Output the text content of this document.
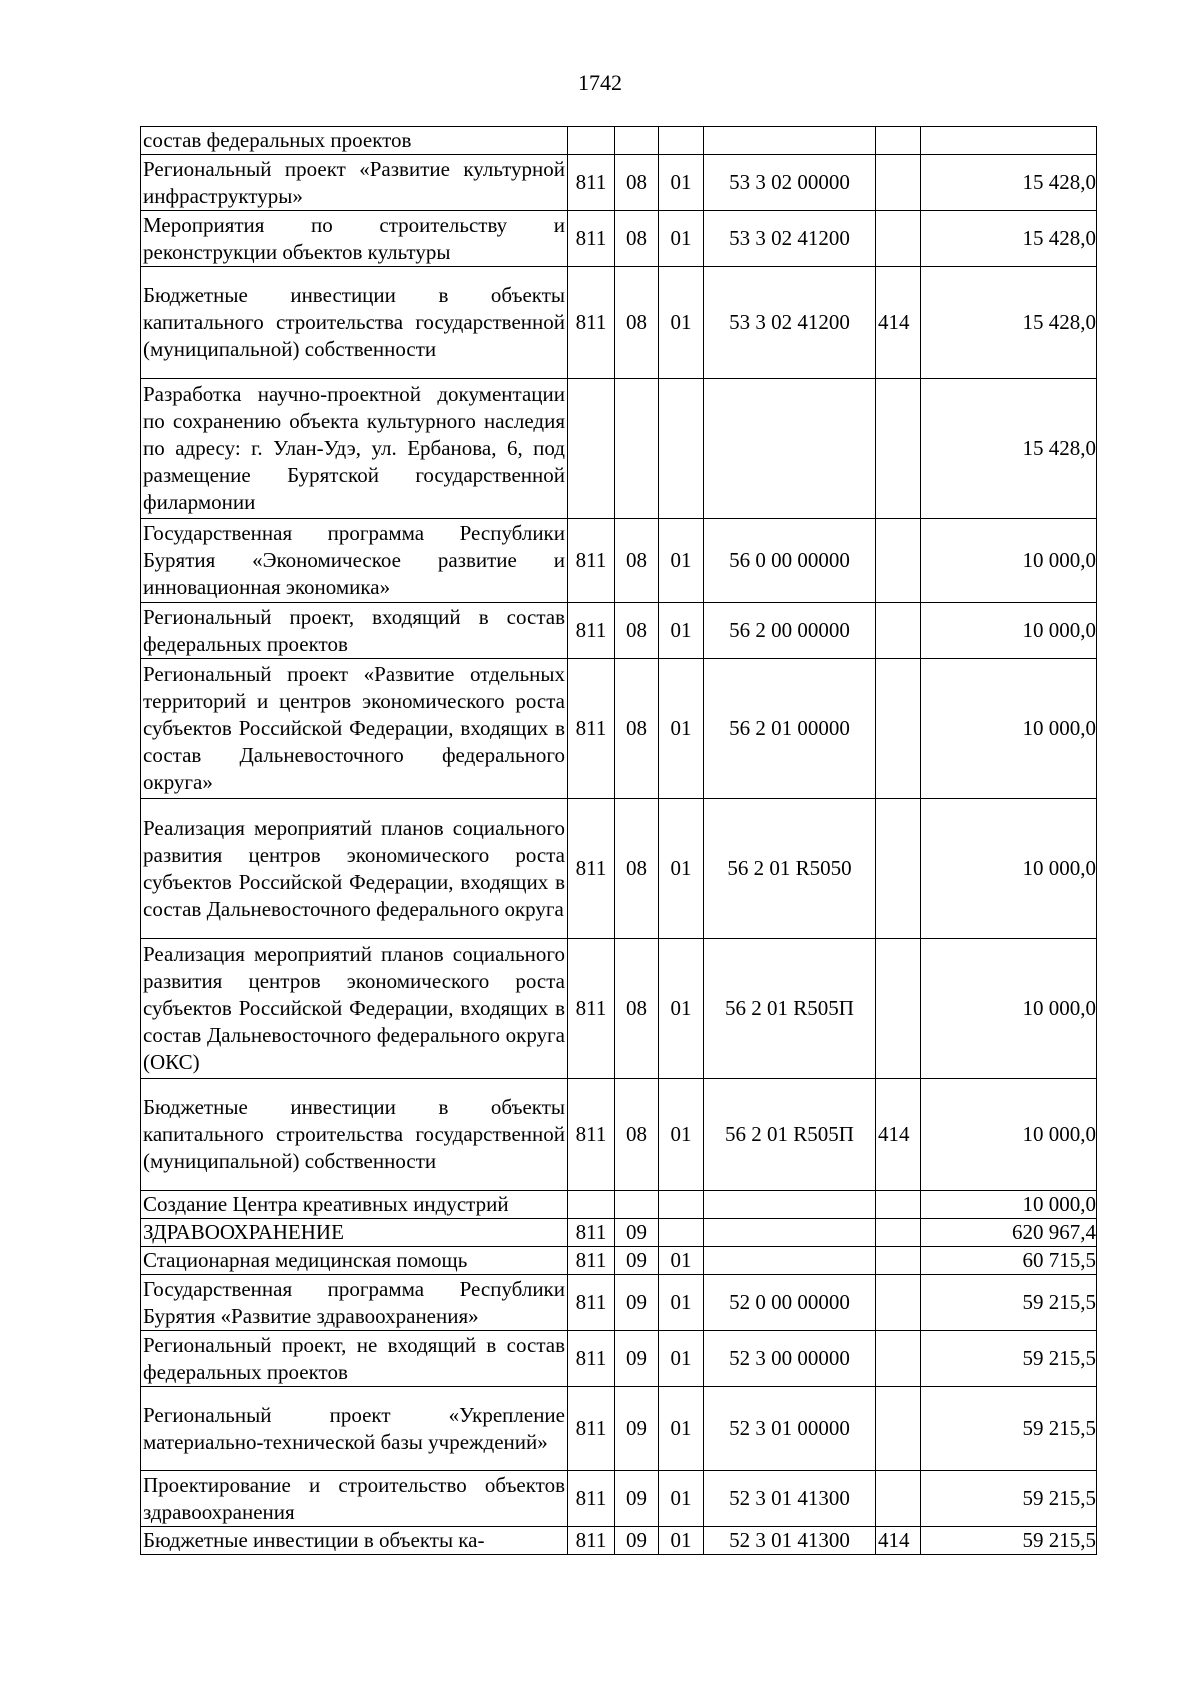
1742
состав федеральных проектов						
Региональный проект «Развитие культурной инфраструктуры»	811	08	01	53 3 02 00000		15 428,0
Мероприятия по строительству и реконструкции объектов культуры	811	08	01	53 3 02 41200		15 428,0
Бюджетные инвестиции в объекты капитального строительства государственной (муниципальной) собственности	811	08	01	53 3 02 41200	414	15 428,0
Разработка научно-проектной документации по сохранению объекта культурного наследия по адресу: г. Улан-Удэ, ул. Ербанова, 6, под размещение Бурятской государственной филармонии						15 428,0
Государственная программа Республики Бурятия «Экономическое развитие и инновационная экономика»	811	08	01	56 0 00 00000		10 000,0
Региональный проект, входящий в состав федеральных проектов	811	08	01	56 2 00 00000		10 000,0
Региональный проект «Развитие отдельных территорий и центров экономического роста субъектов Российской Федерации, входящих в состав Дальневосточного федерального округа»	811	08	01	56 2 01 00000		10 000,0
Реализация мероприятий планов социального развития центров экономического роста субъектов Российской Федерации, входящих в состав Дальневосточного федерального округа	811	08	01	56 2 01 R5050		10 000,0
Реализация мероприятий планов социального развития центров экономического роста субъектов Российской Федерации, входящих в состав Дальневосточного федерального округа (ОКС)	811	08	01	56 2 01 R505П		10 000,0
Бюджетные инвестиции в объекты капитального строительства государственной (муниципальной) собственности	811	08	01	56 2 01 R505П	414	10 000,0
Создание Центра креативных индустрий						10 000,0
ЗДРАВООХРАНЕНИЕ	811	09				620 967,4
Стационарная медицинская помощь	811	09	01			60 715,5
Государственная программа Республики Бурятия «Развитие здравоохранения»	811	09	01	52 0 00 00000		59 215,5
Региональный проект, не входящий в состав федеральных проектов	811	09	01	52 3 00 00000		59 215,5
Региональный проект «Укрепление материально-технической базы учреждений»	811	09	01	52 3 01 00000		59 215,5
Проектирование и строительство объектов здравоохранения	811	09	01	52 3 01 41300		59 215,5
Бюджетные инвестиции в объекты ка-	811	09	01	52 3 01 41300	414	59 215,5
